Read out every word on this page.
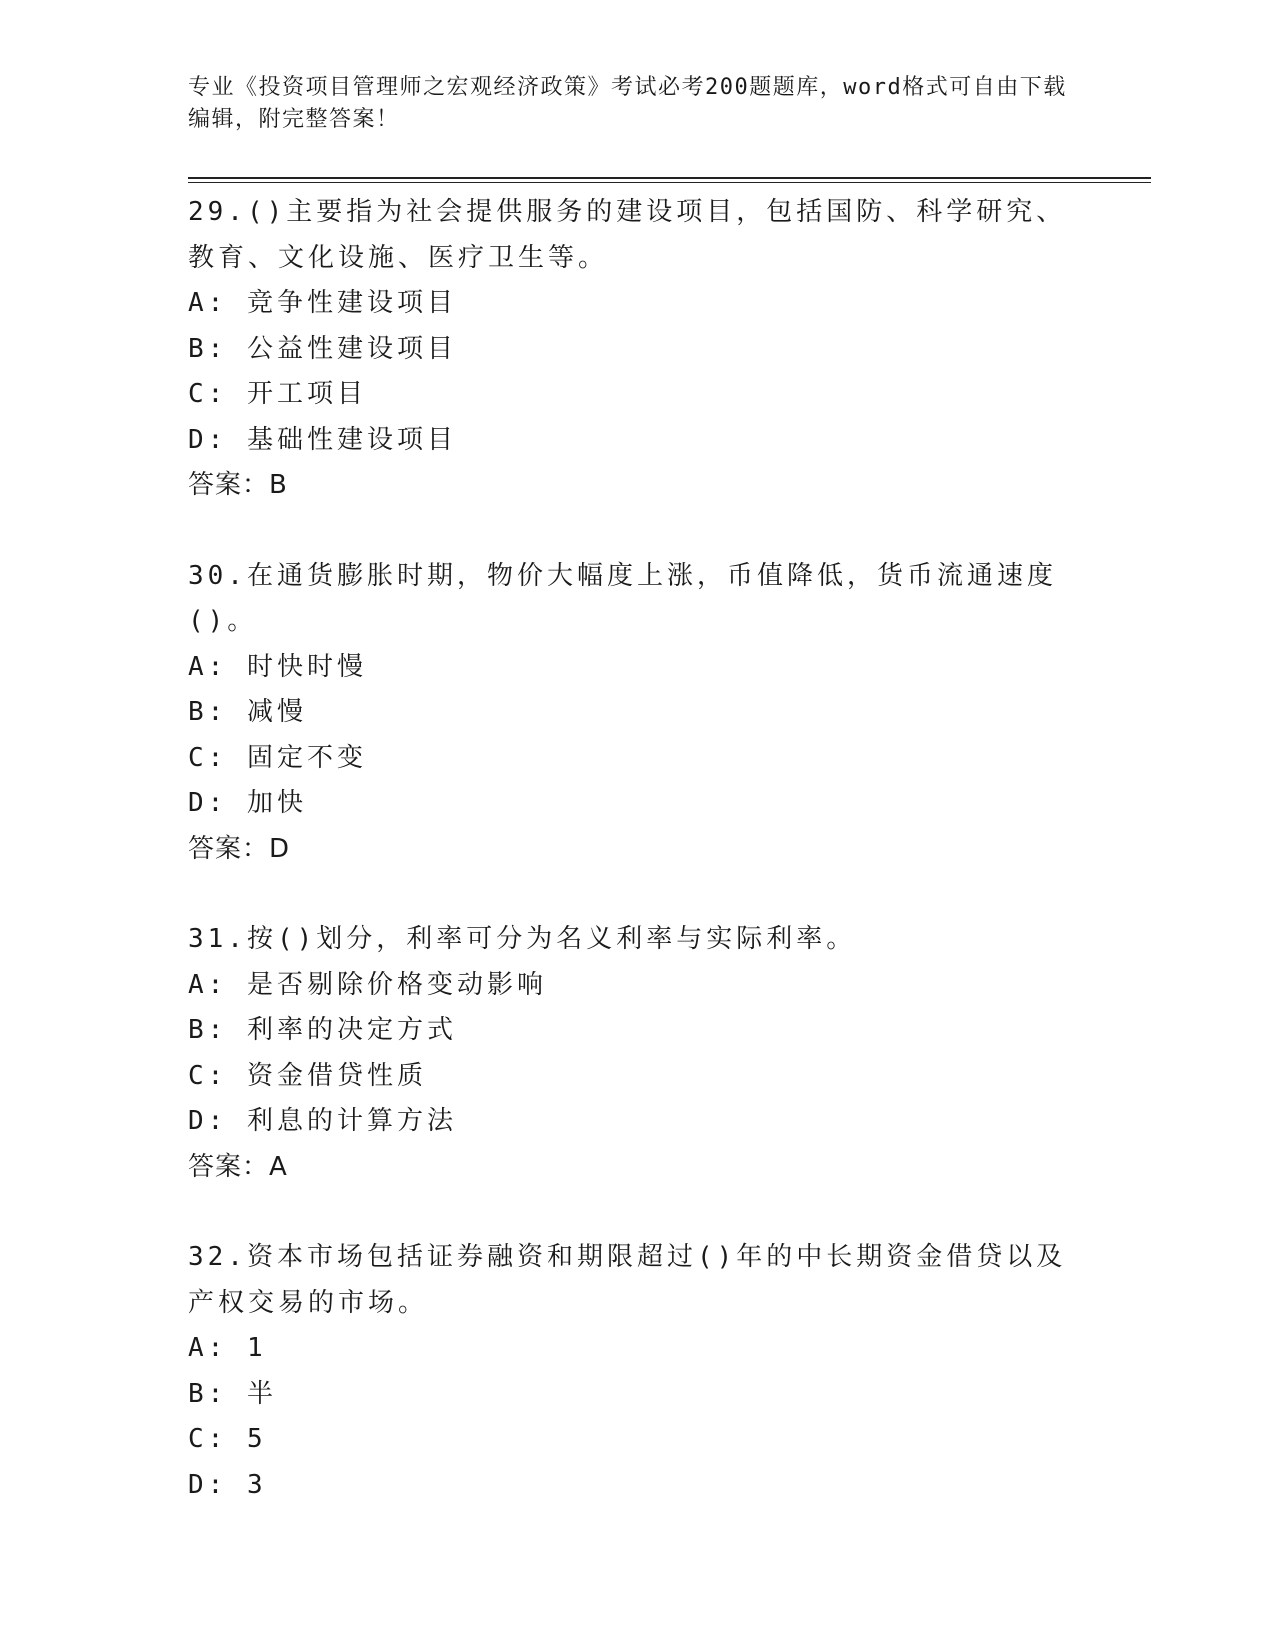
专业《投资项目管理师之宏观经济政策》考试必考200题题库，word格式可自由下载编辑，附完整答案！
29.()主要指为社会提供服务的建设项目，包括国防、科学研究、教育、文化设施、医疗卫生等。
A: 竞争性建设项目
B: 公益性建设项目
C: 开工项目
D: 基础性建设项目
答案：B
30.在通货膨胀时期，物价大幅度上涨，币值降低，货币流通速度()。
A: 时快时慢
B: 减慢
C: 固定不变
D: 加快
答案：D
31.按()划分，利率可分为名义利率与实际利率。
A: 是否剔除价格变动影响
B: 利率的决定方式
C: 资金借贷性质
D: 利息的计算方法
答案：A
32.资本市场包括证券融资和期限超过()年的中长期资金借贷以及产权交易的市场。
A: 1
B: 半
C: 5
D: 3
